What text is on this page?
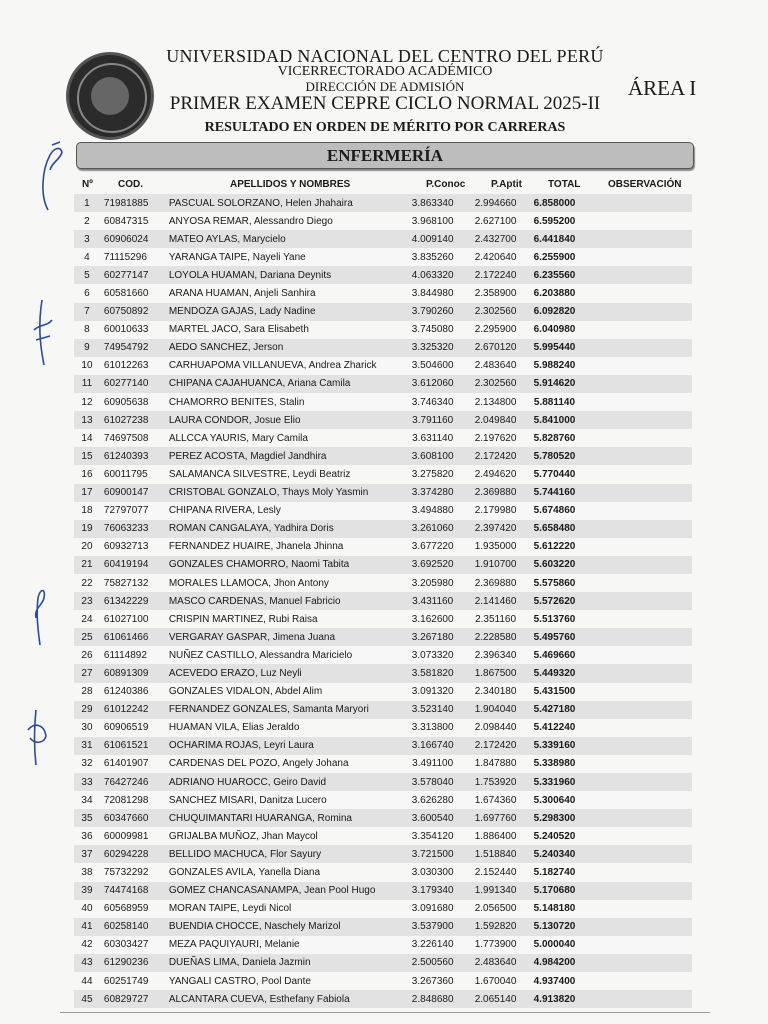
UNIVERSIDAD NACIONAL DEL CENTRO DEL PERÚ
VICERRECTORADO ACADÉMICO
DIRECCIÓN DE ADMISIÓN
PRIMER EXAMEN CEPRE CICLO NORMAL 2025-II
RESULTADO EN ORDEN DE MÉRITO POR CARRERAS
ÁREA I
ENFERMERÍA
Nº	COD.	APELLIDOS Y NOMBRES	P.Conoc	P.Aptit	TOTAL	OBSERVACIÓN
1	71981885	PASCUAL SOLORZANO, Helen Jhahaira	3.863340	2.994660	6.858000	
2	60847315	ANYOSA REMAR, Alessandro Diego	3.968100	2.627100	6.595200	
3	60906024	MATEO AYLAS, Marycielo	4.009140	2.432700	6.441840	
4	71115296	YARANGA TAIPE, Nayeli Yane	3.835260	2.420640	6.255900	
5	60277147	LOYOLA HUAMAN, Dariana Deynits	4.063320	2.172240	6.235560	
6	60581660	ARANA HUAMAN, Anjeli Sanhira	3.844980	2.358900	6.203880	
7	60750892	MENDOZA GAJAS, Lady Nadine	3.790260	2.302560	6.092820	
8	60010633	MARTEL JACO, Sara Elisabeth	3.745080	2.295900	6.040980	
9	74954792	AEDO SANCHEZ, Jerson	3.325320	2.670120	5.995440	
10	61012263	CARHUAPOMA VILLANUEVA, Andrea Zharick	3.504600	2.483640	5.988240	
11	60277140	CHIPANA CAJAHUANCA, Ariana Camila	3.612060	2.302560	5.914620	
12	60905638	CHAMORRO BENITES, Stalin	3.746340	2.134800	5.881140	
13	61027238	LAURA CONDOR, Josue Elio	3.791160	2.049840	5.841000	
14	74697508	ALLCCA YAURIS, Mary Camila	3.631140	2.197620	5.828760	
15	61240393	PEREZ ACOSTA, Magdiel Jandhira	3.608100	2.172420	5.780520	
16	60011795	SALAMANCA SILVESTRE, Leydi Beatriz	3.275820	2.494620	5.770440	
17	60900147	CRISTOBAL GONZALO, Thays Moly Yasmin	3.374280	2.369880	5.744160	
18	72797077	CHIPANA RIVERA, Lesly	3.494880	2.179980	5.674860	
19	76063233	ROMAN CANGALAYA, Yadhira Doris	3.261060	2.397420	5.658480	
20	60932713	FERNANDEZ HUAIRE, Jhanela Jhinna	3.677220	1.935000	5.612220	
21	60419194	GONZALES CHAMORRO, Naomi Tabita	3.692520	1.910700	5.603220	
22	75827132	MORALES LLAMOCA, Jhon Antony	3.205980	2.369880	5.575860	
23	61342229	MASCO CARDENAS, Manuel Fabricio	3.431160	2.141460	5.572620	
24	61027100	CRISPIN MARTINEZ, Rubi Raisa	3.162600	2.351160	5.513760	
25	61061466	VERGARAY GASPAR, Jimena Juana	3.267180	2.228580	5.495760	
26	61114892	NUÑEZ CASTILLO, Alessandra Maricielo	3.073320	2.396340	5.469660	
27	60891309	ACEVEDO ERAZO, Luz Neyli	3.581820	1.867500	5.449320	
28	61240386	GONZALES VIDALON, Abdel Alim	3.091320	2.340180	5.431500	
29	61012242	FERNANDEZ GONZALES, Samanta Maryori	3.523140	1.904040	5.427180	
30	60906519	HUAMAN VILA, Elias Jeraldo	3.313800	2.098440	5.412240	
31	61061521	OCHARIMA ROJAS, Leyri Laura	3.166740	2.172420	5.339160	
32	61401907	CARDENAS DEL POZO, Angely Johana	3.491100	1.847880	5.338980	
33	76427246	ADRIANO HUAROCC, Geiro David	3.578040	1.753920	5.331960	
34	72081298	SANCHEZ MISARI, Danitza Lucero	3.626280	1.674360	5.300640	
35	60347660	CHUQUIMANTARI HUARANGA, Romina	3.600540	1.697760	5.298300	
36	60009981	GRIJALBA MUÑOZ, Jhan Maycol	3.354120	1.886400	5.240520	
37	60294228	BELLIDO MACHUCA, Flor Sayury	3.721500	1.518840	5.240340	
38	75732292	GONZALES AVILA, Yanella Diana	3.030300	2.152440	5.182740	
39	74474168	GOMEZ CHANCASANAMPA, Jean Pool Hugo	3.179340	1.991340	5.170680	
40	60568959	MORAN TAIPE, Leydi Nicol	3.091680	2.056500	5.148180	
41	60258140	BUENDIA CHOCCE, Naschely Marizol	3.537900	1.592820	5.130720	
42	60303427	MEZA PAQUIYAURI, Melanie	3.226140	1.773900	5.000040	
43	61290236	DUEÑAS LIMA, Daniela Jazmin	2.500560	2.483640	4.984200	
44	60251749	YANGALI CASTRO, Pool Dante	3.267360	1.670040	4.937400	
45	60829727	ALCANTARA CUEVA, Esthefany Fabiola	2.848680	2.065140	4.913820	
